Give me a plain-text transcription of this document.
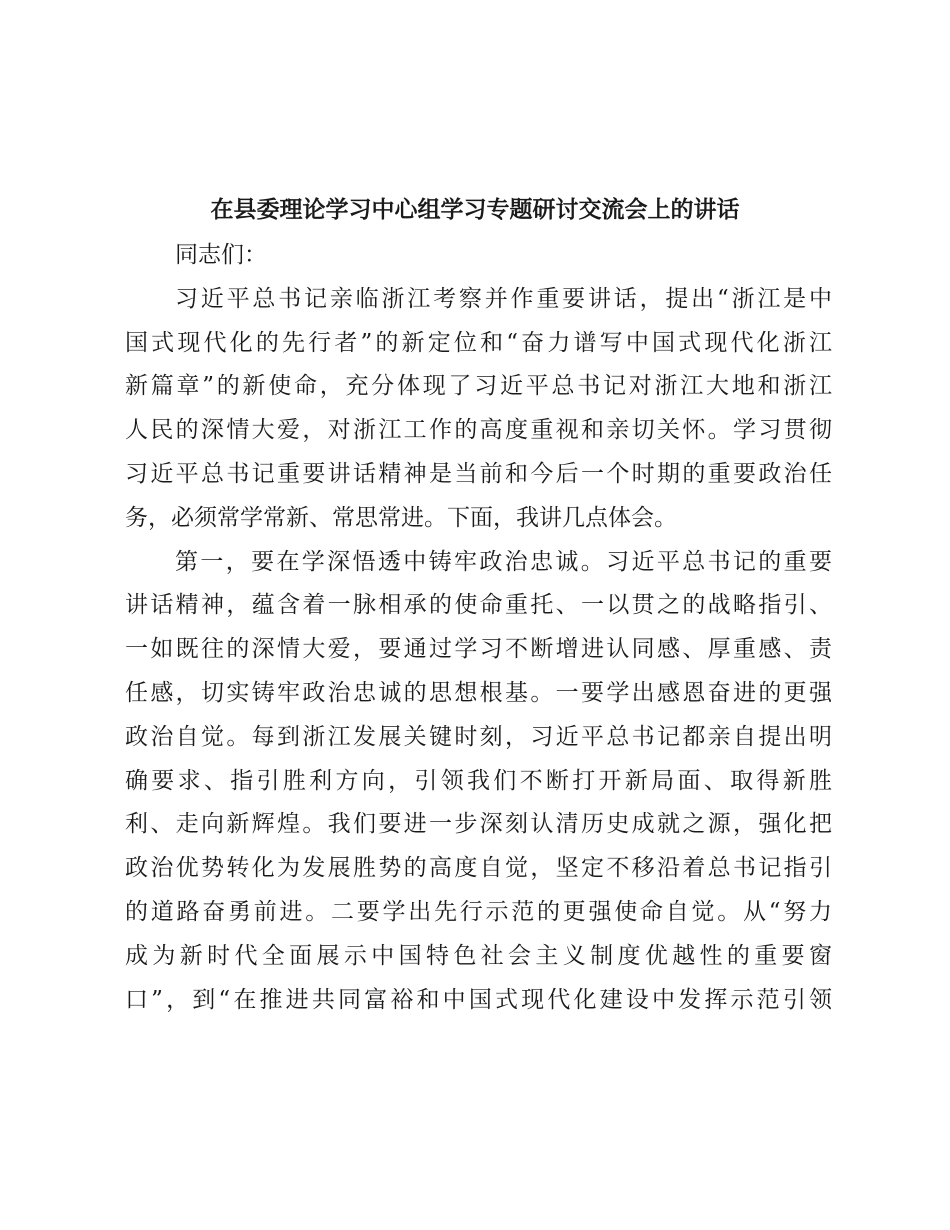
在县委理论学习中心组学习专题研讨交流会上的讲话
同志们：
习近平总书记亲临浙江考察并作重要讲话，提出“浙江是中
国式现代化的先行者”的新定位和“奋力谱写中国式现代化浙江
新篇章”的新使命，充分体现了习近平总书记对浙江大地和浙江
人民的深情大爱，对浙江工作的高度重视和亲切关怀。学习贯彻
习近平总书记重要讲话精神是当前和今后一个时期的重要政治任
务，必须常学常新、常思常进。下面，我讲几点体会。
第一，要在学深悟透中铸牢政治忠诚。习近平总书记的重要
讲话精神，蕴含着一脉相承的使命重托、一以贯之的战略指引、
一如既往的深情大爱，要通过学习不断增进认同感、厚重感、责
任感，切实铸牢政治忠诚的思想根基。一要学出感恩奋进的更强
政治自觉。每到浙江发展关键时刻，习近平总书记都亲自提出明
确要求、指引胜利方向，引领我们不断打开新局面、取得新胜
利、走向新辉煌。我们要进一步深刻认清历史成就之源，强化把
政治优势转化为发展胜势的高度自觉，坚定不移沿着总书记指引
的道路奋勇前进。二要学出先行示范的更强使命自觉。从“努力
成为新时代全面展示中国特色社会主义制度优越性的重要窗
口”，到“在推进共同富裕和中国式现代化建设中发挥示范引领
